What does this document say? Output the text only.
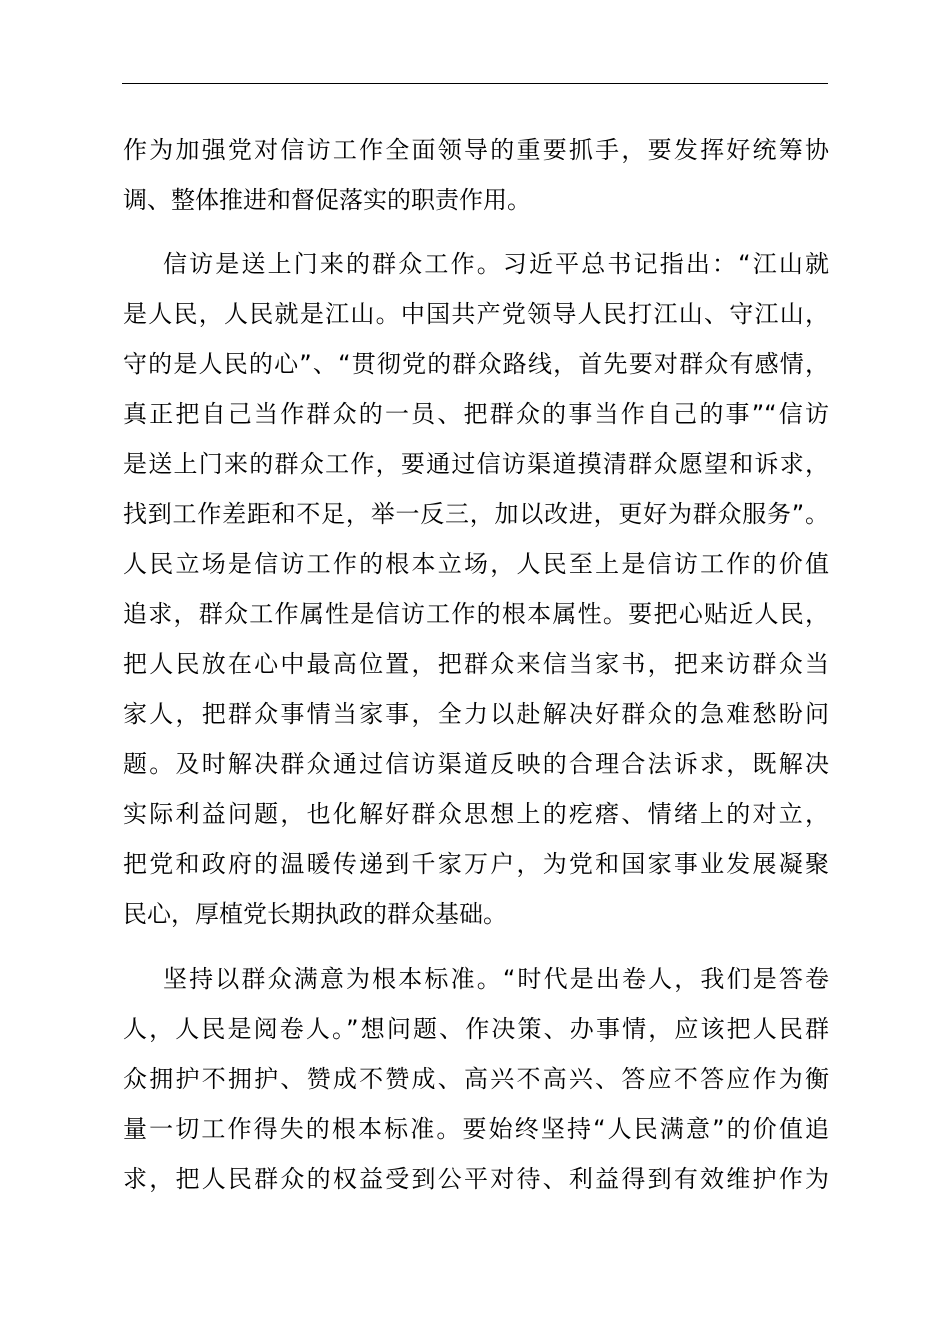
作为加强党对信访工作全面领导的重要抓手，要发挥好统筹协
调、整体推进和督促落实的职责作用。
信访是送上门来的群众工作。习近平总书记指出：“江山就
是人民，人民就是江山。中国共产党领导人民打江山、守江山，
守的是人民的心”、“贯彻党的群众路线，首先要对群众有感情，
真正把自己当作群众的一员、把群众的事当作自己的事”“信访
是送上门来的群众工作，要通过信访渠道摸清群众愿望和诉求，
找到工作差距和不足，举一反三，加以改进，更好为群众服务”。
人民立场是信访工作的根本立场，人民至上是信访工作的价值
追求，群众工作属性是信访工作的根本属性。要把心贴近人民，
把人民放在心中最高位置，把群众来信当家书，把来访群众当
家人，把群众事情当家事，全力以赴解决好群众的急难愁盼问
题。及时解决群众通过信访渠道反映的合理合法诉求，既解决
实际利益问题，也化解好群众思想上的疙瘩、情绪上的对立，
把党和政府的温暖传递到千家万户，为党和国家事业发展凝聚
民心，厚植党长期执政的群众基础。
坚持以群众满意为根本标准。“时代是出卷人，我们是答卷
人，人民是阅卷人。”想问题、作决策、办事情，应该把人民群
众拥护不拥护、赞成不赞成、高兴不高兴、答应不答应作为衡
量一切工作得失的根本标准。要始终坚持“人民满意”的价值追
求，把人民群众的权益受到公平对待、利益得到有效维护作为
